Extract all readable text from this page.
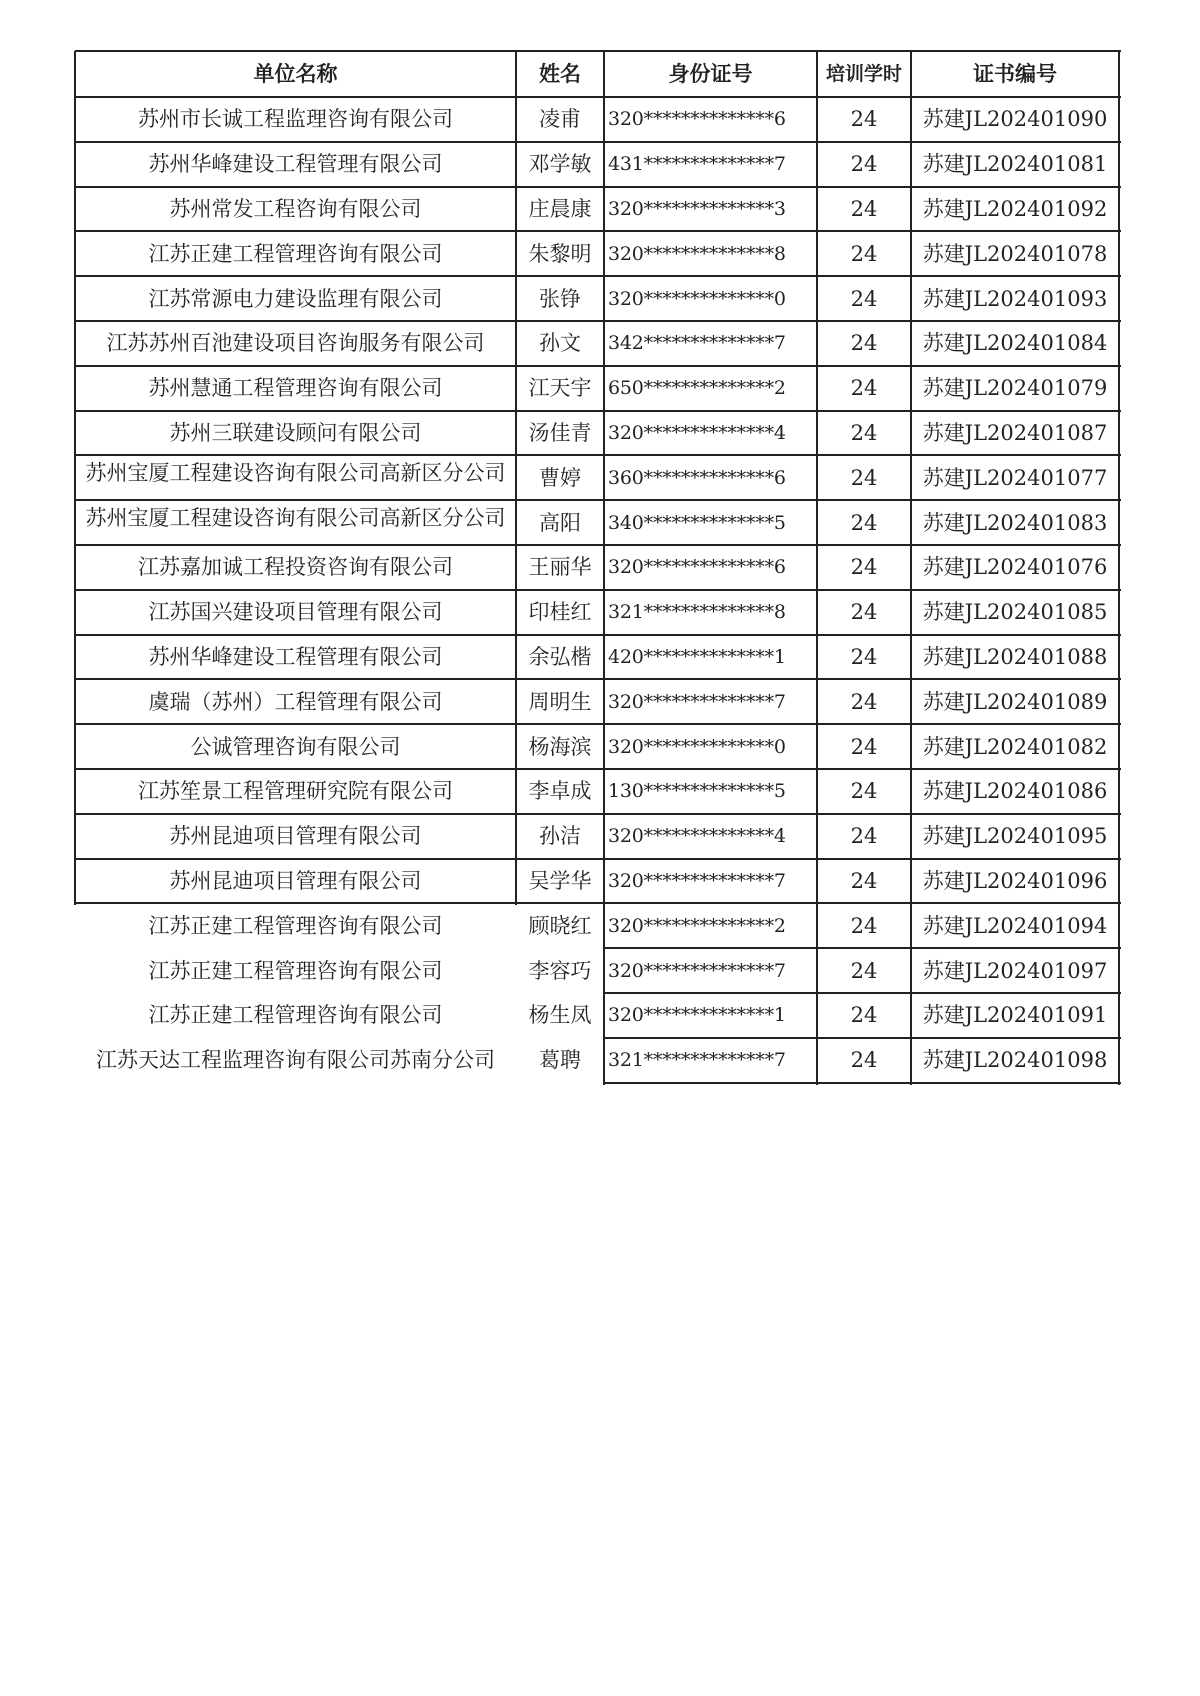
单位名称	姓名	身份证号	培训学时	证书编号
苏州市长诚工程监理咨询有限公司	凌甫	320**************6	24	苏建JL202401090
苏州华峰建设工程管理有限公司	邓学敏 431**************7	24	苏建JL202401081
苏州常发工程咨询有限公司	庄晨康 320**************3	24	苏建JL202401092
江苏正建工程管理咨询有限公司	朱黎明 320**************8	24	苏建JL202401078
江苏常源电力建设监理有限公司	张铮	320**************0	24	苏建JL202401093
江苏苏州百池建设项目咨询服务有限公司	孙文	342**************7	24	苏建JL202401084
苏州慧通工程管理咨询有限公司	江天宇 650**************2	24	苏建JL202401079
苏州三联建设顾问有限公司	汤佳青 320**************4	24	苏建JL202401087
苏州宝厦工程建设咨询有限公司高新区分公司	曹婷	360**************6	24	苏建JL202401077
苏州宝厦工程建设咨询有限公司高新区分公司	高阳	340**************5	24	苏建JL202401083
江苏嘉加诚工程投资咨询有限公司	王丽华 320**************6	24	苏建JL202401076
江苏国兴建设项目管理有限公司	印桂红 321**************8	24	苏建JL202401085
苏州华峰建设工程管理有限公司	余弘楷 420**************1	24	苏建JL202401088
虞瑞（苏州）工程管理有限公司	周明生 320**************7	24	苏建JL202401089
公诚管理咨询有限公司	杨海滨 320**************0	24	苏建JL202401082
江苏笙景工程管理研究院有限公司	李卓成 130**************5	24	苏建JL202401086
苏州昆迪项目管理有限公司	孙洁	320**************4	24	苏建JL202401095
苏州昆迪项目管理有限公司	吴学华 320**************7	24	苏建JL202401096
江苏正建工程管理咨询有限公司	顾晓红 320**************2	24	苏建JL202401094
江苏正建工程管理咨询有限公司	李容巧 320**************7	24	苏建JL202401097
江苏正建工程管理咨询有限公司	杨生凤 320**************1	24	苏建JL202401091
江苏天达工程监理咨询有限公司苏南分公司	葛聘	321**************7	24	苏建JL202401098
